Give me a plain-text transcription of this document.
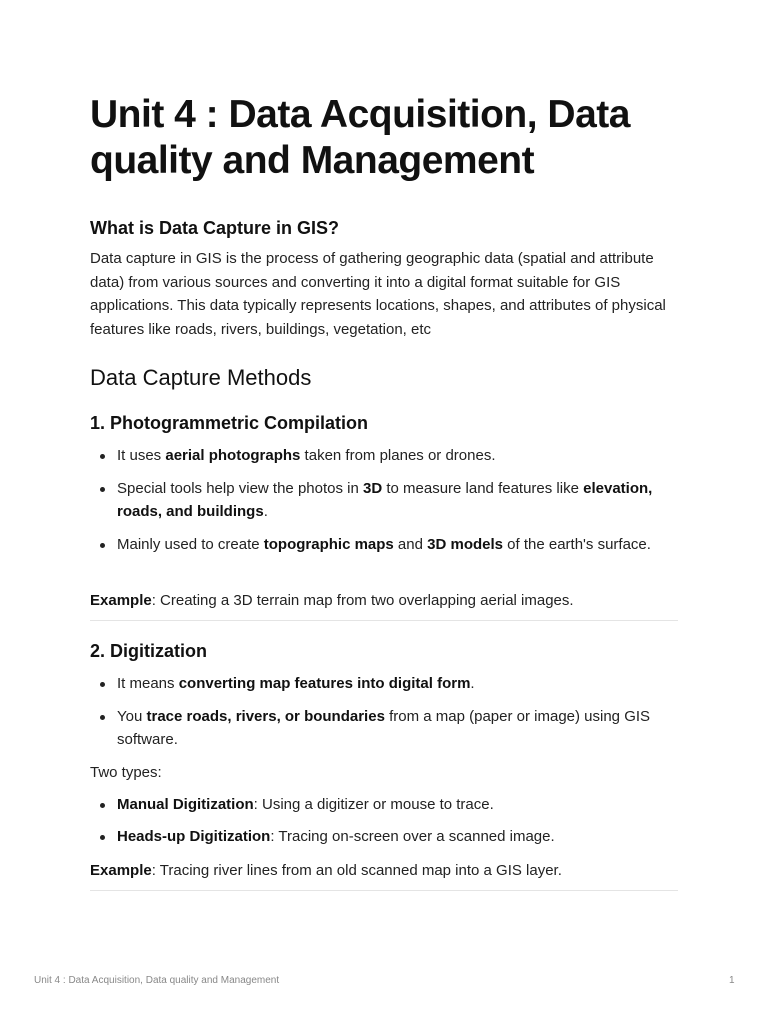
Unit 4 : Data Acquisition, Data quality and Management
What is Data Capture in GIS?

Data capture in GIS is the process of gathering geographic data (spatial and attribute data) from various sources and converting it into a digital format suitable for GIS applications. This data typically represents locations, shapes, and attributes of physical features like roads, rivers, buildings, vegetation, etc

Data Capture Methods
1. Photogrammetric Compilation

It uses aerial photographs taken from planes or drones.

Special tools help view the photos in 3D to measure land features like elevation, roads, and buildings.

Mainly used to create topographic maps and 3D models of the earth's surface.

Example: Creating a 3D terrain map from two overlapping aerial images.

2. Digitization

It means converting map features into digital form.

You trace roads, rivers, or boundaries from a map (paper or image) using GIS software.

Two types:

Manual Digitization: Using a digitizer or mouse to trace.

Heads-up Digitization: Tracing on-screen over a scanned image.

Example: Tracing river lines from an old scanned map into a GIS layer.

Unit 4 : Data Acquisition, Data quality and Management	1
